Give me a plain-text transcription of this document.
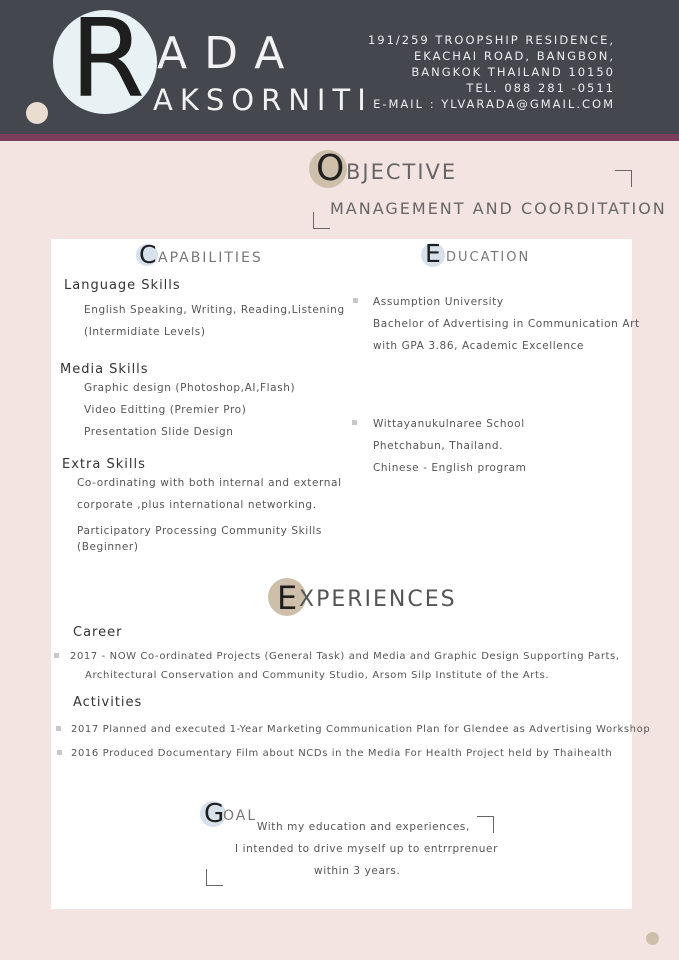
R ADA
AKSORNITI
191/259 TROOPSHIP RESIDENCE,
EKACHAI ROAD, BANGBON,
BANGKOK THAILAND 10150
TEL. 088 281 -0511
E-MAIL : YLVARADA@GMAIL.COM
O BJECTIVE
MANAGEMENT AND COORDITATION
C APABILITIES
Language Skills
English Speaking, Writing, Reading,Listening
(Intermidiate Levels)
Media Skills
Graphic design (Photoshop,AI,Flash)
Video Editting (Premier Pro)
Presentation Slide Design
Extra Skills
Co-ordinating with both internal and external
corporate ,plus international networking.
Participatory Processing Community Skills
(Beginner)
E DUCATION
Assumption University
Bachelor of Advertising in Communication Art
with GPA 3.86, Academic Excellence
Wittayanukulnaree School
Phetchabun, Thailand.
Chinese - English program
E XPERIENCES
Career
2017 - NOW Co-ordinated Projects (General Task) and Media and Graphic Design Supporting Parts,
Architectural Conservation and Community Studio, Arsom Silp Institute of the Arts.
Activities
2017 Planned and executed 1-Year Marketing Communication Plan for Glendee as Advertising Workshop
2016 Produced Documentary Film about NCDs in the Media For Health Project held by Thaihealth
G
OAL
With my education and experiences,
I intended to drive myself up to entrrprenuer
within 3 years.
